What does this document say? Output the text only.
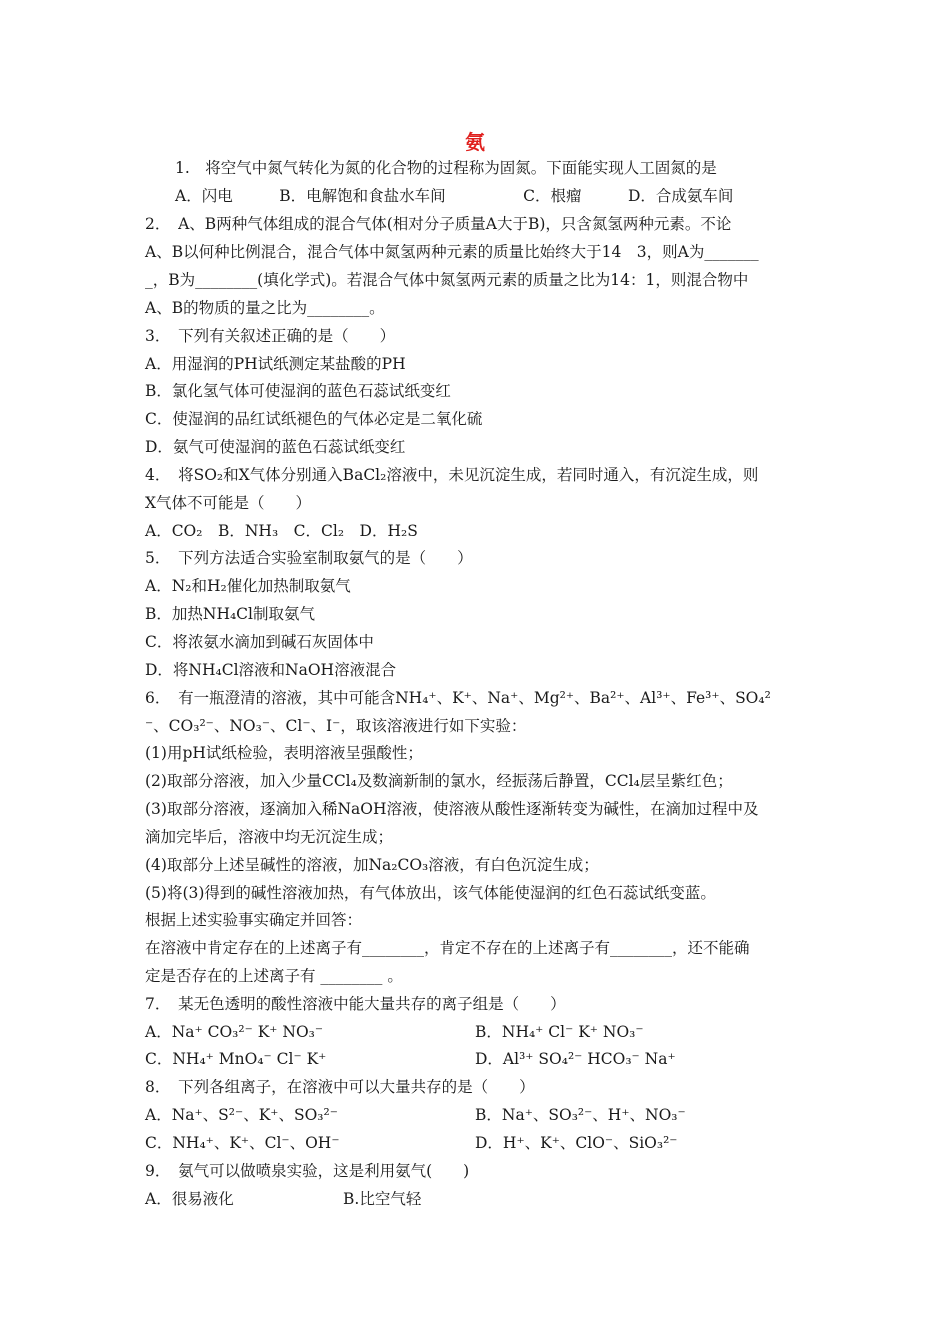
氨
1.　将空气中氮气转化为氮的化合物的过程称为固氮。下面能实现人工固氮的是
A．闪电　　　B．电解饱和食盐水车间　　　　　C．根瘤　　　D．合成氨车间
2．　A、B两种气体组成的混合气体(相对分子质量A大于B)，只含氮氢两种元素。不论
A、B以何种比例混合，混合气体中氮氢两种元素的质量比始终大于14　3，则A为_______
_，B为________(填化学式)。若混合气体中氮氢两元素的质量之比为14：1，则混合物中
A、B的物质的量之比为________。
3．　下列有关叙述正确的是（　　）
A．用湿润的PH试纸测定某盐酸的PH
B．氯化氢气体可使湿润的蓝色石蕊试纸变红
C．使湿润的品红试纸褪色的气体必定是二氧化硫
D．氨气可使湿润的蓝色石蕊试纸变红
4．　将SO₂和X气体分别通入BaCl₂溶液中，未见沉淀生成，若同时通入，有沉淀生成，则
X气体不可能是（　　）
A．CO₂　B．NH₃　C．Cl₂　D．H₂S
5．　下列方法适合实验室制取氨气的是（　　）
A．N₂和H₂催化加热制取氨气
B．加热NH₄Cl制取氨气
C．将浓氨水滴加到碱石灰固体中
D．将NH₄Cl溶液和NaOH溶液混合
6．　有一瓶澄清的溶液，其中可能含NH₄⁺、K⁺、Na⁺、Mg²⁺、Ba²⁺、Al³⁺、Fe³⁺、SO₄²
⁻、CO₃²⁻、NO₃⁻、Cl⁻、I⁻，取该溶液进行如下实验：
(1)用pH试纸检验，表明溶液呈强酸性；
(2)取部分溶液，加入少量CCl₄及数滴新制的氯水，经振荡后静置，CCl₄层呈紫红色；
(3)取部分溶液，逐滴加入稀NaOH溶液，使溶液从酸性逐渐转变为碱性，在滴加过程中及
滴加完毕后，溶液中均无沉淀生成；
(4)取部分上述呈碱性的溶液，加Na₂CO₃溶液，有白色沉淀生成；
(5)将(3)得到的碱性溶液加热，有气体放出，该气体能使湿润的红色石蕊试纸变蓝。
根据上述实验事实确定并回答：
在溶液中肯定存在的上述离子有________，肯定不存在的上述离子有________，还不能确
定是否存在的上述离子有 ________ 。
7．　某无色透明的酸性溶液中能大量共存的离子组是（　　）
A．Na⁺ CO₃²⁻ K⁺ NO₃⁻	B．NH₄⁺ Cl⁻ K⁺ NO₃⁻
C．NH₄⁺ MnO₄⁻ Cl⁻ K⁺	D．Al³⁺ SO₄²⁻ HCO₃⁻ Na⁺
8．　下列各组离子，在溶液中可以大量共存的是（　　）
A．Na⁺、S²⁻、K⁺、SO₃²⁻	B．Na⁺、SO₃²⁻、H⁺、NO₃⁻
C．NH₄⁺、K⁺、Cl⁻、OH⁻	D．H⁺、K⁺、ClO⁻、SiO₃²⁻
9．　氨气可以做喷泉实验，这是利用氨气(　　)
A．很易液化	B.比空气轻
